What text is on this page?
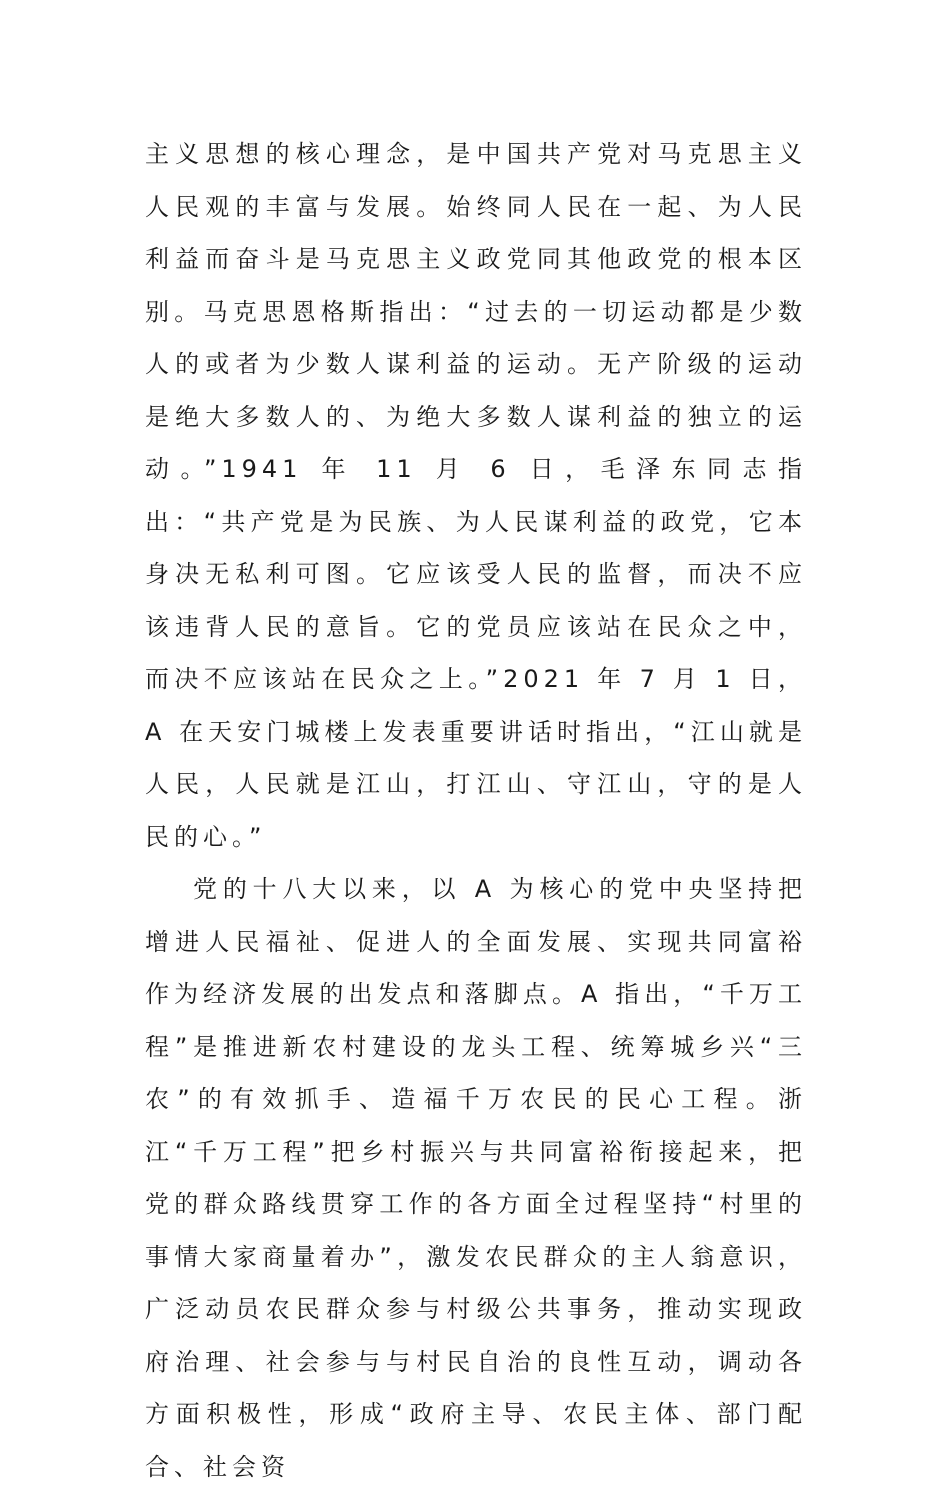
主义思想的核心理念，是中国共产党对马克思主义人民观的丰富与发展。始终同人民在一起、为人民利益而奋斗是马克思主义政党同其他政党的根本区别。马克思恩格斯指出：“过去的一切运动都是少数人的或者为少数人谋利益的运动。无产阶级的运动是绝大多数人的、为绝大多数人谋利益的独立的运动。”1941 年 11 月 6 日，毛泽东同志指出：“共产党是为民族、为人民谋利益的政党，它本身决无私利可图。它应该受人民的监督，而决不应该违背人民的意旨。它的党员应该站在民众之中，而决不应该站在民众之上。”2021 年 7 月 1 日，A 在天安门城楼上发表重要讲话时指出，“江山就是人民，人民就是江山，打江山、守江山，守的是人民的心。”

党的十八大以来，以 A 为核心的党中央坚持把增进人民福祉、促进人的全面发展、实现共同富裕作为经济发展的出发点和落脚点。A 指出，“千万工程”是推进新农村建设的龙头工程、统筹城乡兴“三农”的有效抓手、造福千万农民的民心工程。浙江“千万工程”把乡村振兴与共同富裕衔接起来，把党的群众路线贯穿工作的各方面全过程坚持“村里的事情大家商量着办”，激发农民群众的主人翁意识，广泛动员农民群众参与村级公共事务，推动实现政府治理、社会参与与村民自治的良性互动，调动各方面积极性，形成“政府主导、农民主体、部门配合、社会资
